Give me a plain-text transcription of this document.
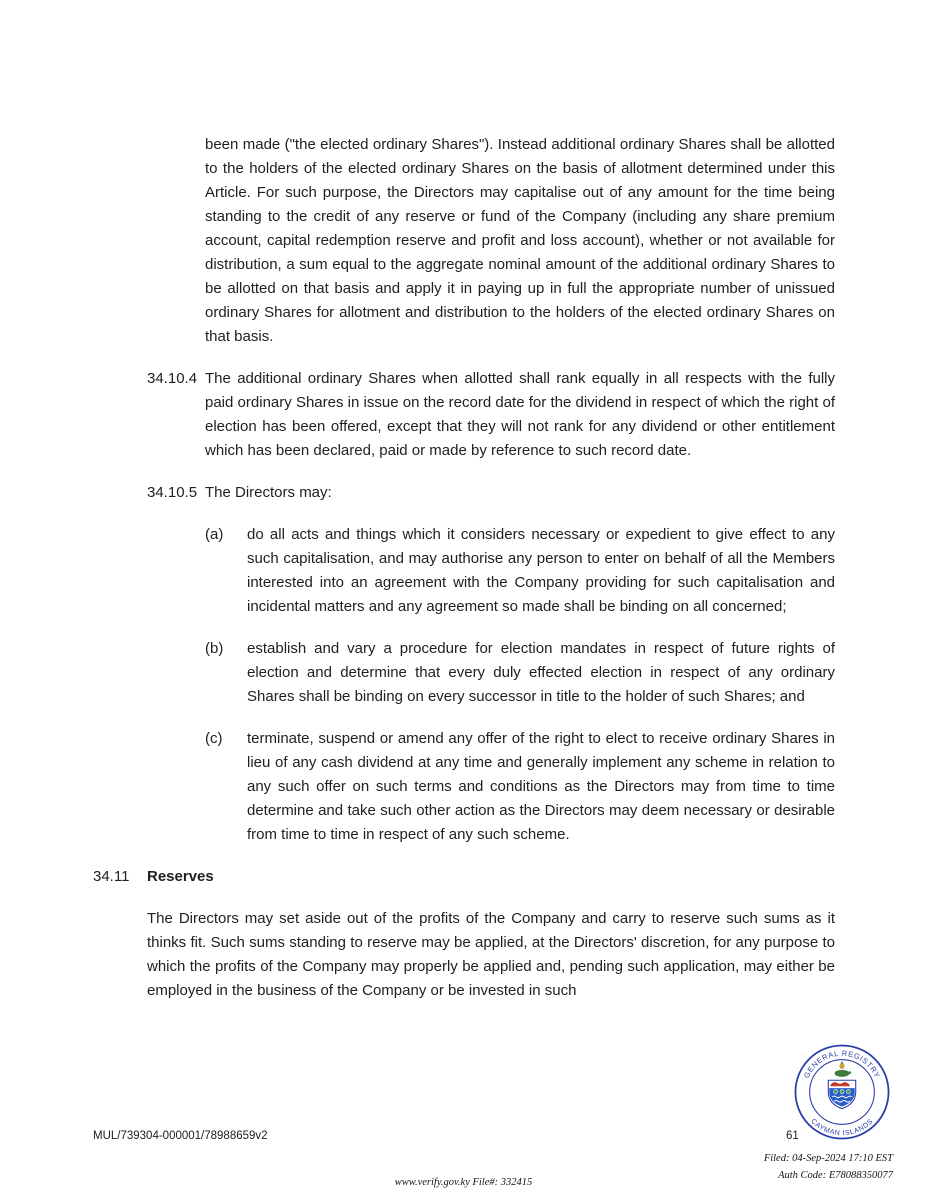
been made ("the elected ordinary Shares"). Instead additional ordinary Shares shall be allotted to the holders of the elected ordinary Shares on the basis of allotment determined under this Article. For such purpose, the Directors may capitalise out of any amount for the time being standing to the credit of any reserve or fund of the Company (including any share premium account, capital redemption reserve and profit and loss account), whether or not available for distribution, a sum equal to the aggregate nominal amount of the additional ordinary Shares to be allotted on that basis and apply it in paying up in full the appropriate number of unissued ordinary Shares for allotment and distribution to the holders of the elected ordinary Shares on that basis.

34.10.4 The additional ordinary Shares when allotted shall rank equally in all respects with the fully paid ordinary Shares in issue on the record date for the dividend in respect of which the right of election has been offered, except that they will not rank for any dividend or other entitlement which has been declared, paid or made by reference to such record date.
34.10.5 The Directors may:
(a)	do all acts and things which it considers necessary or expedient to give effect to any such capitalisation, and may authorise any person to enter on behalf of all the Members interested into an agreement with the Company providing for such capitalisation and incidental matters and any agreement so made shall be binding on all concerned;
(b)	establish and vary a procedure for election mandates in respect of future rights of election and determine that every duly effected election in respect of any ordinary Shares shall be binding on every successor in title to the holder of such Shares; and
(c)	terminate, suspend or amend any offer of the right to elect to receive ordinary Shares in lieu of any cash dividend at any time and generally implement any scheme in relation to any such offer on such terms and conditions as the Directors may from time to time determine and take such other action as the Directors may deem necessary or desirable from time to time in respect of any such scheme.
34.11	Reserves

The Directors may set aside out of the profits of the Company and carry to reserve such sums as it thinks fit. Such sums standing to reserve may be applied, at the Directors' discretion, for any purpose to which the profits of the Company may properly be applied and, pending such application, may either be employed in the business of the Company or be invested in such

MUL/739304-000001/78988659v2	61
GENERAL REGISTRY
CAYMAN ISLANDS
Filed: 04-Sep-2024 17:10 EST
Auth Code: E78088350077
www.verify.gov.ky File#: 332415
